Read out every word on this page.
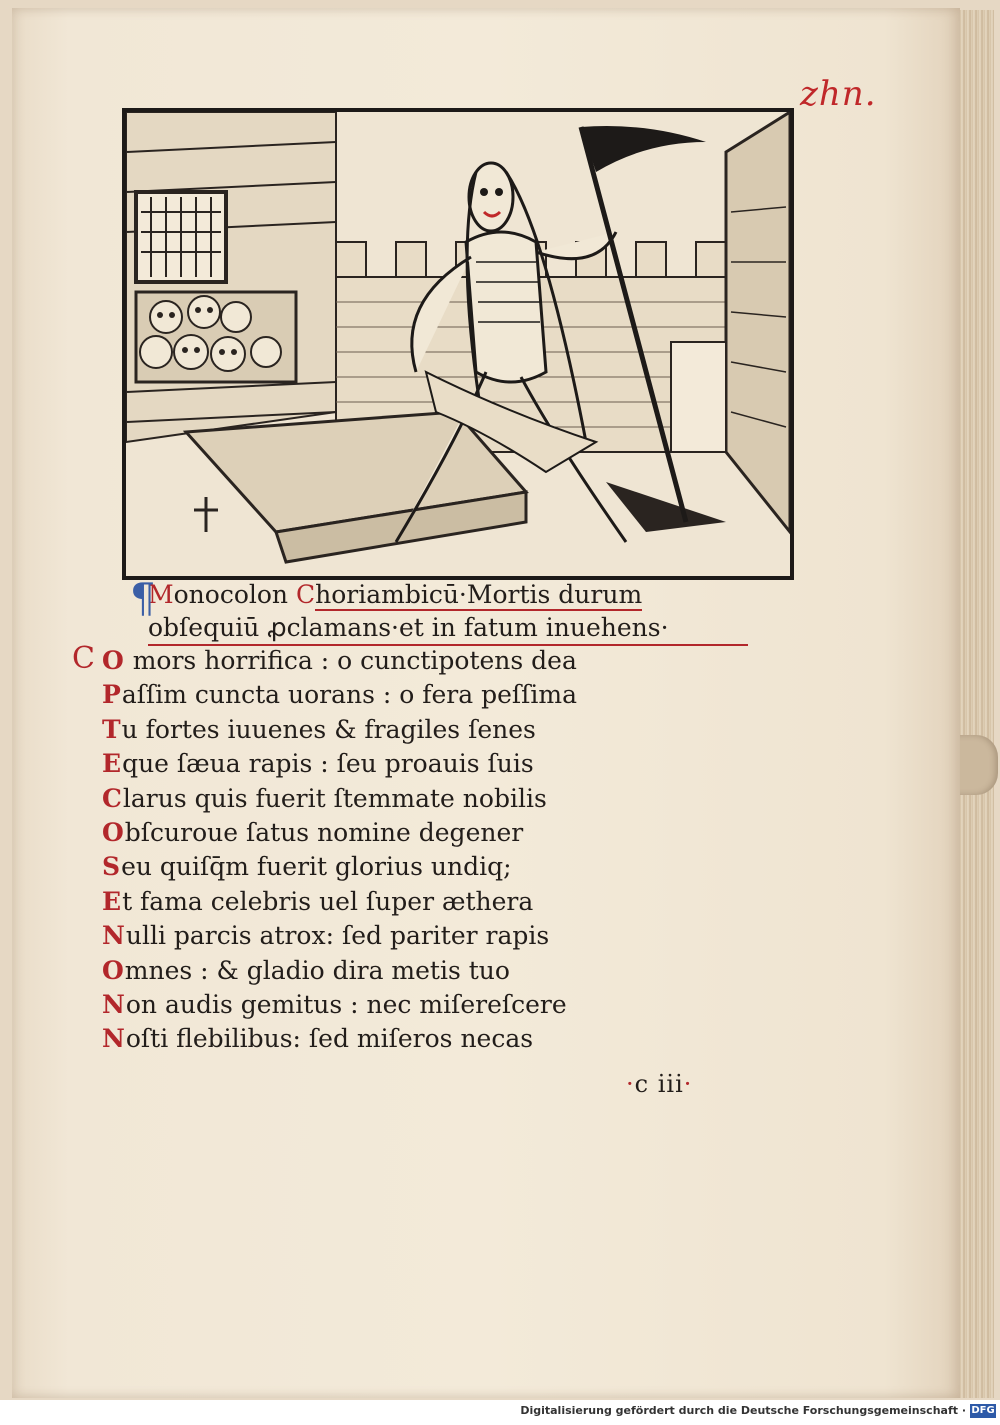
zhn.
¶
Monocolon Choriambicū·Mortis durum
obſequiū ꝓclamans·et in fatum inuehens·
C O mors horrifica : o cunctipotens dea
Paſſim cuncta uorans : o fera peſſima
Tu fortes iuuenes & fragiles ſenes
Eque ſæua rapis : ſeu proauis ſuis
Clarus quis fuerit ſtemmate nobilis
Obſcuroue ſatus nomine degener
Seu quiſq̄m fuerit glorius undiq;
Et fama celebris uel ſuper æthera
Nulli parcis atrox: ſed pariter rapis
Omnes : & gladio dira metis tuo
Non audis gemitus : nec miſereſcere
Noſti flebilibus: ſed miſeros necas
·c iii·
Digitalisierung gefördert durch die Deutsche Forschungsgemeinschaft · DFG
